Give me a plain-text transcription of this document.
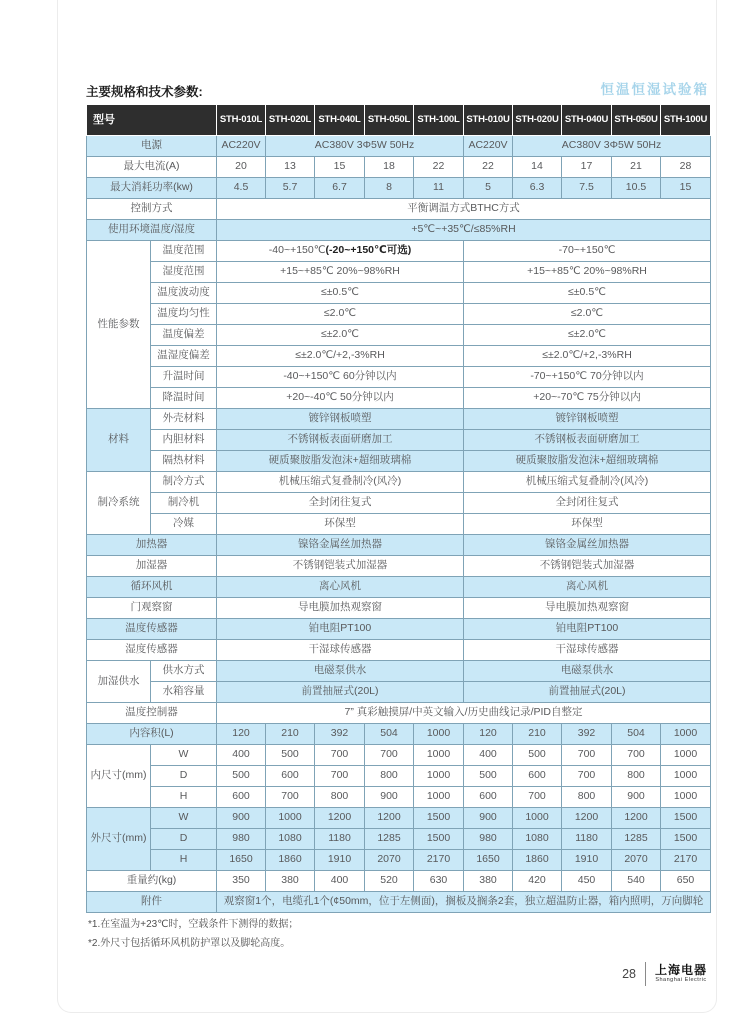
主要规格和技术参数:	恒温恒湿试验箱
型号		STH-010L	STH-020L	STH-040L	STH-050L	STH-100L	STH-010U	STH-020U	STH-040U	STH-050U	STH-100U
电源		AC220V	AC380V 3Φ5W 50Hz				AC220V	AC380V 3Φ5W 50Hz			
最大电流(A)		20	13	15	18	22	22	14	17	21	28
最大消耗功率(kw)		4.5	5.7	6.7	8	11	5	6.3	7.5	10.5	15
控制方式		平衡调温方式BTHC方式									
使用环境温度/湿度		+5℃~+35℃/≤85%RH									
性能参数	温度范围	-40~+150℃(-20~+150℃可选)					-70~+150℃				
	湿度范围	+15~+85℃ 20%~98%RH					+15~+85℃ 20%~98%RH				
	温度波动度	≤±0.5℃					≤±0.5℃				
	温度均匀性	≤2.0℃					≤2.0℃				
	温度偏差	≤±2.0℃					≤±2.0℃				
	温湿度偏差	≤±2.0℃/+2,-3%RH					≤±2.0℃/+2,-3%RH				
	升温时间	-40~+150℃ 60分钟以内					-70~+150℃ 70分钟以内				
	降温时间	+20~-40℃ 50分钟以内					+20~-70℃ 75分钟以内				
材料	外壳材料	镀锌钢板喷塑					镀锌钢板喷塑				
	内胆材料	不锈钢板表面研磨加工					不锈钢板表面研磨加工				
	隔热材料	硬质聚胺脂发泡沫+超细玻璃棉					硬质聚胺脂发泡沫+超细玻璃棉				
制冷系统	制冷方式	机械压缩式复叠制冷(风冷)					机械压缩式复叠制冷(风冷)				
	制冷机	全封闭往复式					全封闭往复式				
	冷媒	环保型					环保型				
加热器		镍铬金属丝加热器					镍铬金属丝加热器				
加湿器		不锈钢铠装式加湿器					不锈钢铠装式加湿器				
循环风机		离心风机					离心风机				
门观察窗		导电膜加热观察窗					导电膜加热观察窗				
温度传感器		铂电阻PT100					铂电阻PT100				
湿度传感器		干湿球传感器					干湿球传感器				
加湿供水	供水方式	电磁泵供水					电磁泵供水				
	水箱容量	前置抽屉式(20L)					前置抽屉式(20L)				
温度控制器		7” 真彩触摸屏/中英文输入/历史曲线记录/PID自整定									
内容积(L)		120	210	392	504	1000	120	210	392	504	1000
内尺寸(mm)	W	400	500	700	700	1000	400	500	700	700	1000
	D	500	600	700	800	1000	500	600	700	800	1000
	H	600	700	800	900	1000	600	700	800	900	1000
外尺寸(mm)	W	900	1000	1200	1200	1500	900	1000	1200	1200	1500
	D	980	1080	1180	1285	1500	980	1080	1180	1285	1500
	H	1650	1860	1910	2070	2170	1650	1860	1910	2070	2170
重量约(kg)		350	380	400	520	630	380	420	450	540	650
附件		观察窗1个，电缆孔1个(¢50mm，位于左侧面)，搁板及搁条2套，独立超温防止器，箱内照明，万向脚轮									
*1.在室温为+23℃时，空载条件下测得的数据；
*2.外尺寸包括循环风机防护罩以及脚轮高度。
28 上海电器
Shanghai Electric
